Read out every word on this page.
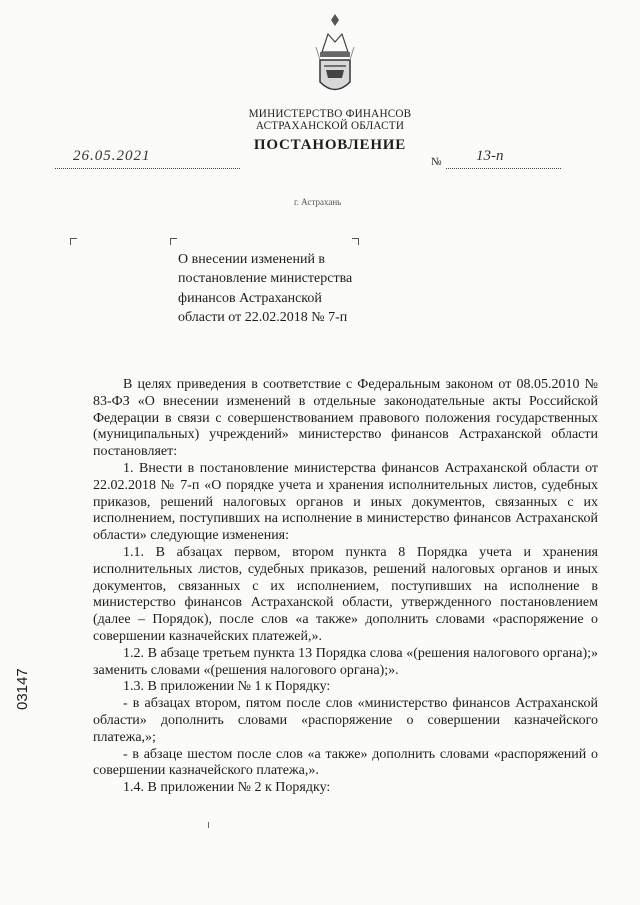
МИНИСТЕРСТВО ФИНАНСОВ
АСТРАХАНСКОЙ ОБЛАСТИ
ПОСТАНОВЛЕНИЕ
26.05.2021	№ 13-п
г. Астрахань
О внесении изменений в
постановление министерства
финансов Астраханской
области от 22.02.2018 № 7-п

В целях приведения в соответствие с Федеральным законом от 08.05.2010 № 83-ФЗ «О внесении изменений в отдельные законодательные акты Российской Федерации в связи с совершенствованием правового положения государственных (муниципальных) учреждений» министерство финансов Астраханской области постановляет:

1. Внести в постановление министерства финансов Астраханской области от 22.02.2018 № 7-п «О порядке учета и хранения исполнительных листов, судебных приказов, решений налоговых органов и иных документов, связанных с их исполнением, поступивших на исполнение в министерство финансов Астраханской области» следующие изменения:

1.1. В абзацах первом, втором пункта 8 Порядка учета и хранения исполнительных листов, судебных приказов, решений налоговых органов и иных документов, связанных с их исполнением, поступивших на исполнение в министерство финансов Астраханской области, утвержденного постановлением (далее – Порядок), после слов «а также» дополнить словами «распоряжение о совершении казначейских платежей,».

1.2. В абзаце третьем пункта 13 Порядка слова «(решения налогового органа);» заменить словами «(решения налогового органа);».

1.3. В приложении № 1 к Порядку:

- в абзацах втором, пятом после слов «министерство финансов Астраханской области» дополнить словами «распоряжение о совершении казначейского платежа,»;

- в абзаце шестом после слов «а также» дополнить словами «распоряжений о совершении казначейского платежа,».

1.4. В приложении № 2 к Порядку:

03147
